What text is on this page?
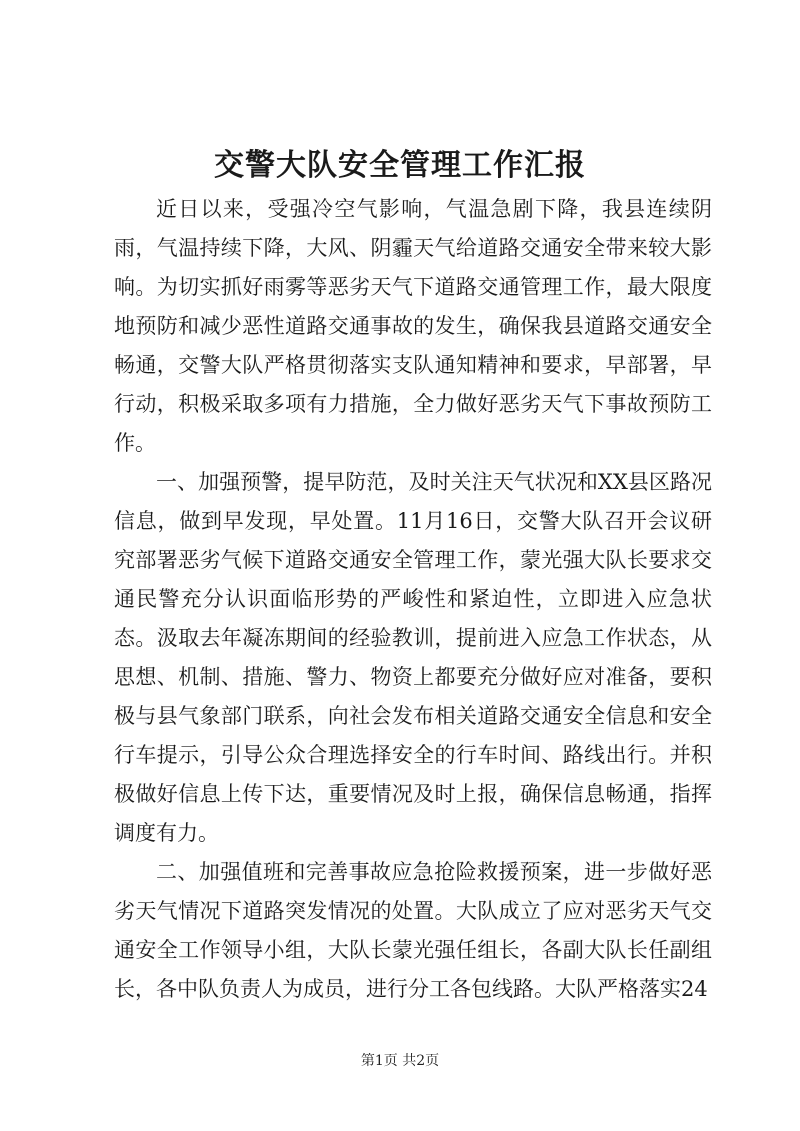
交警大队安全管理工作汇报

近日以来，受强冷空气影响，气温急剧下降，我县连续阴雨，气温持续下降，大风、阴霾天气给道路交通安全带来较大影响。为切实抓好雨雾等恶劣天气下道路交通管理工作，最大限度地预防和减少恶性道路交通事故的发生，确保我县道路交通安全畅通，交警大队严格贯彻落实支队通知精神和要求，早部署，早行动，积极采取多项有力措施，全力做好恶劣天气下事故预防工作。

一、加强预警，提早防范，及时关注天气状况和XX县区路况信息，做到早发现，早处置。11月16日，交警大队召开会议研究部署恶劣气候下道路交通安全管理工作，蒙光强大队长要求交通民警充分认识面临形势的严峻性和紧迫性，立即进入应急状态。汲取去年凝冻期间的经验教训，提前进入应急工作状态，从思想、机制、措施、警力、物资上都要充分做好应对准备，要积极与县气象部门联系，向社会发布相关道路交通安全信息和安全行车提示，引导公众合理选择安全的行车时间、路线出行。并积极做好信息上传下达，重要情况及时上报，确保信息畅通，指挥调度有力。

二、加强值班和完善事故应急抢险救援预案，进一步做好恶劣天气情况下道路突发情况的处置。大队成立了应对恶劣天气交通安全工作领导小组，大队长蒙光强任组长，各副大队长任副组长，各中队负责人为成员，进行分工各包线路。大队严格落实24

第1页 共2页
